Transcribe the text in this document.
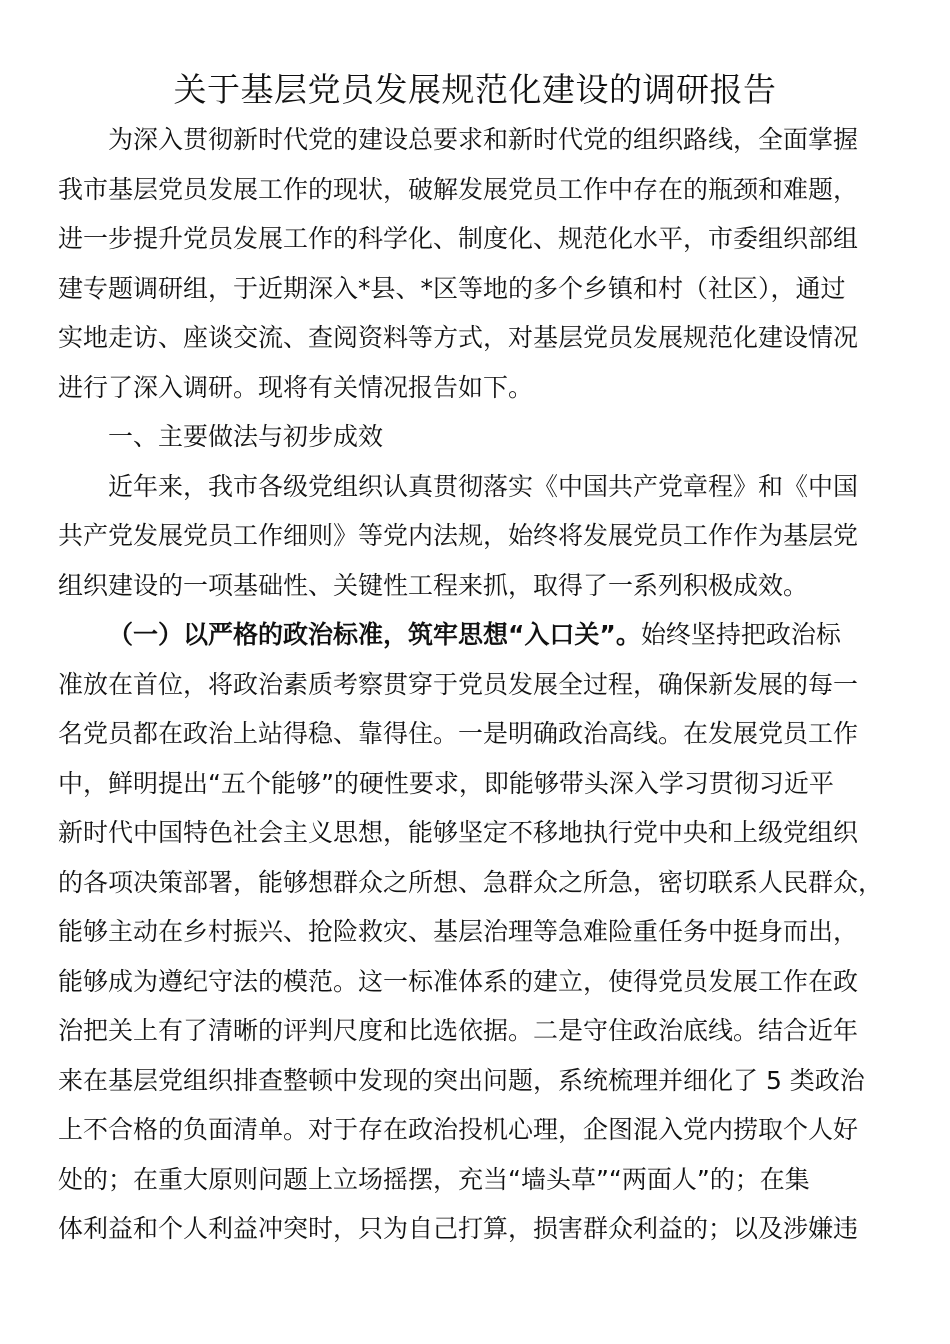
关于基层党员发展规范化建设的调研报告
为深入贯彻新时代党的建设总要求和新时代党的组织路线，全面掌握
我市基层党员发展工作的现状，破解发展党员工作中存在的瓶颈和难题，
进一步提升党员发展工作的科学化、制度化、规范化水平，市委组织部组
建专题调研组，于近期深入*县、*区等地的多个乡镇和村（社区），通过
实地走访、座谈交流、查阅资料等方式，对基层党员发展规范化建设情况
进行了深入调研。现将有关情况报告如下。
一、主要做法与初步成效
近年来，我市各级党组织认真贯彻落实《中国共产党章程》和《中国
共产党发展党员工作细则》等党内法规，始终将发展党员工作作为基层党
组织建设的一项基础性、关键性工程来抓，取得了一系列积极成效。
（一）以严格的政治标准，筑牢思想“入口关”。始终坚持把政治标
准放在首位，将政治素质考察贯穿于党员发展全过程，确保新发展的每一
名党员都在政治上站得稳、靠得住。一是明确政治高线。在发展党员工作
中，鲜明提出“五个能够”的硬性要求，即能够带头深入学习贯彻习近平
新时代中国特色社会主义思想，能够坚定不移地执行党中央和上级党组织
的各项决策部署，能够想群众之所想、急群众之所急，密切联系人民群众，
能够主动在乡村振兴、抢险救灾、基层治理等急难险重任务中挺身而出，
能够成为遵纪守法的模范。这一标准体系的建立，使得党员发展工作在政
治把关上有了清晰的评判尺度和比选依据。二是守住政治底线。结合近年
来在基层党组织排查整顿中发现的突出问题，系统梳理并细化了 5 类政治
上不合格的负面清单。对于存在政治投机心理，企图混入党内捞取个人好
处的；在重大原则问题上立场摇摆，充当“墙头草”“两面人”的；在集
体利益和个人利益冲突时，只为自己打算，损害群众利益的；以及涉嫌违
